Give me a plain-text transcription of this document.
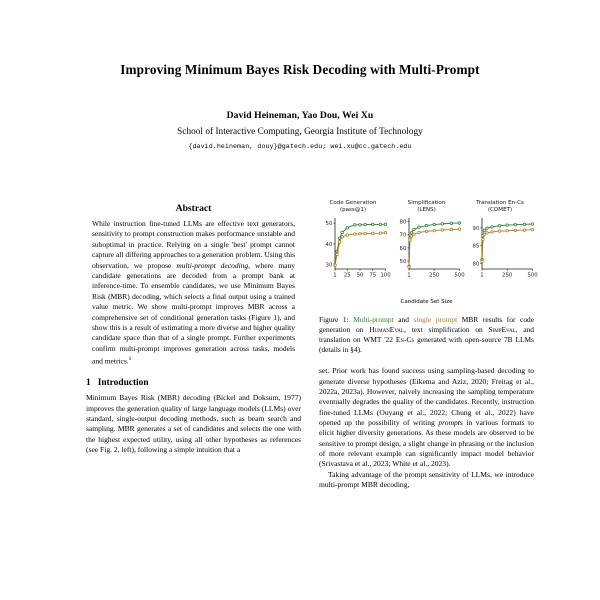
Improving Minimum Bayes Risk Decoding with Multi-Prompt
David Heineman, Yao Dou, Wei Xu
School of Interactive Computing, Georgia Institute of Technology
{david.heineman, douy}@gatech.edu; wei.xu@cc.gatech.edu
Abstract

While instruction fine-tuned LLMs are effective text generators, sensitivity to prompt construction makes performance unstable and suboptimal in practice. Relying on a single 'best' prompt cannot capture all differing approaches to a generation problem. Using this observation, we propose multi-prompt decoding, where many candidate generations are decoded from a prompt bank at inference-time. To ensemble candidates, we use Minimum Bayes Risk (MBR) decoding, which selects a final output using a trained value metric. We show multi-prompt improves MBR across a comprehensive set of conditional generation tasks (Figure 1), and show this is a result of estimating a more diverse and higher quality candidate space than that of a single prompt. Further experiments confirm multi-prompt improves generation across tasks, models and metrics.$^1$

1 Introduction

Minimum Bayes Risk (MBR) decoding (Bickel and Doksum, 1977) improves the generation quality of large language models (LLMs) over standard, single-output decoding methods, such as beam search and sampling. MBR generates a set of candidates and selects the one with the highest expected utility, using all other hypotheses as references (see Fig. 2, left), following a simple intuition that a

Code Generation
(pass@1)
30
40
50
1 25 50 75 100
Simplification
(LENS)
50
60
70
80
1	250	500
Translation En-Cs
(COMET)
80
85
90
1	250	500
Candidate Set Size
Figure 1: Multi-prompt and single prompt MBR results for code generation on HumanEval, text simplification on SimpEval, and translation on WMT '22 En-Cs generated with open-source 7B LLMs (details in §4).

set. Prior work has found success using sampling-based decoding to generate diverse hypotheses (Eikema and Aziz, 2020; Freitag et al., 2022a, 2023a). However, naively increasing the sampling temperature eventually degrades the quality of the candidates. Recently, instruction fine-tuned LLMs (Ouyang et al., 2022; Chung et al., 2022) have opened up the possibility of writing prompts in various formats to elicit higher diversity generations. As these models are observed to be sensitive to prompt design, a slight change in phrasing or the inclusion of more relevant example can significantly impact model behavior (Srivastava et al., 2023; White et al., 2023).

Taking advantage of the prompt sensitivity of LLMs, we introduce multi-prompt MBR decoding,
